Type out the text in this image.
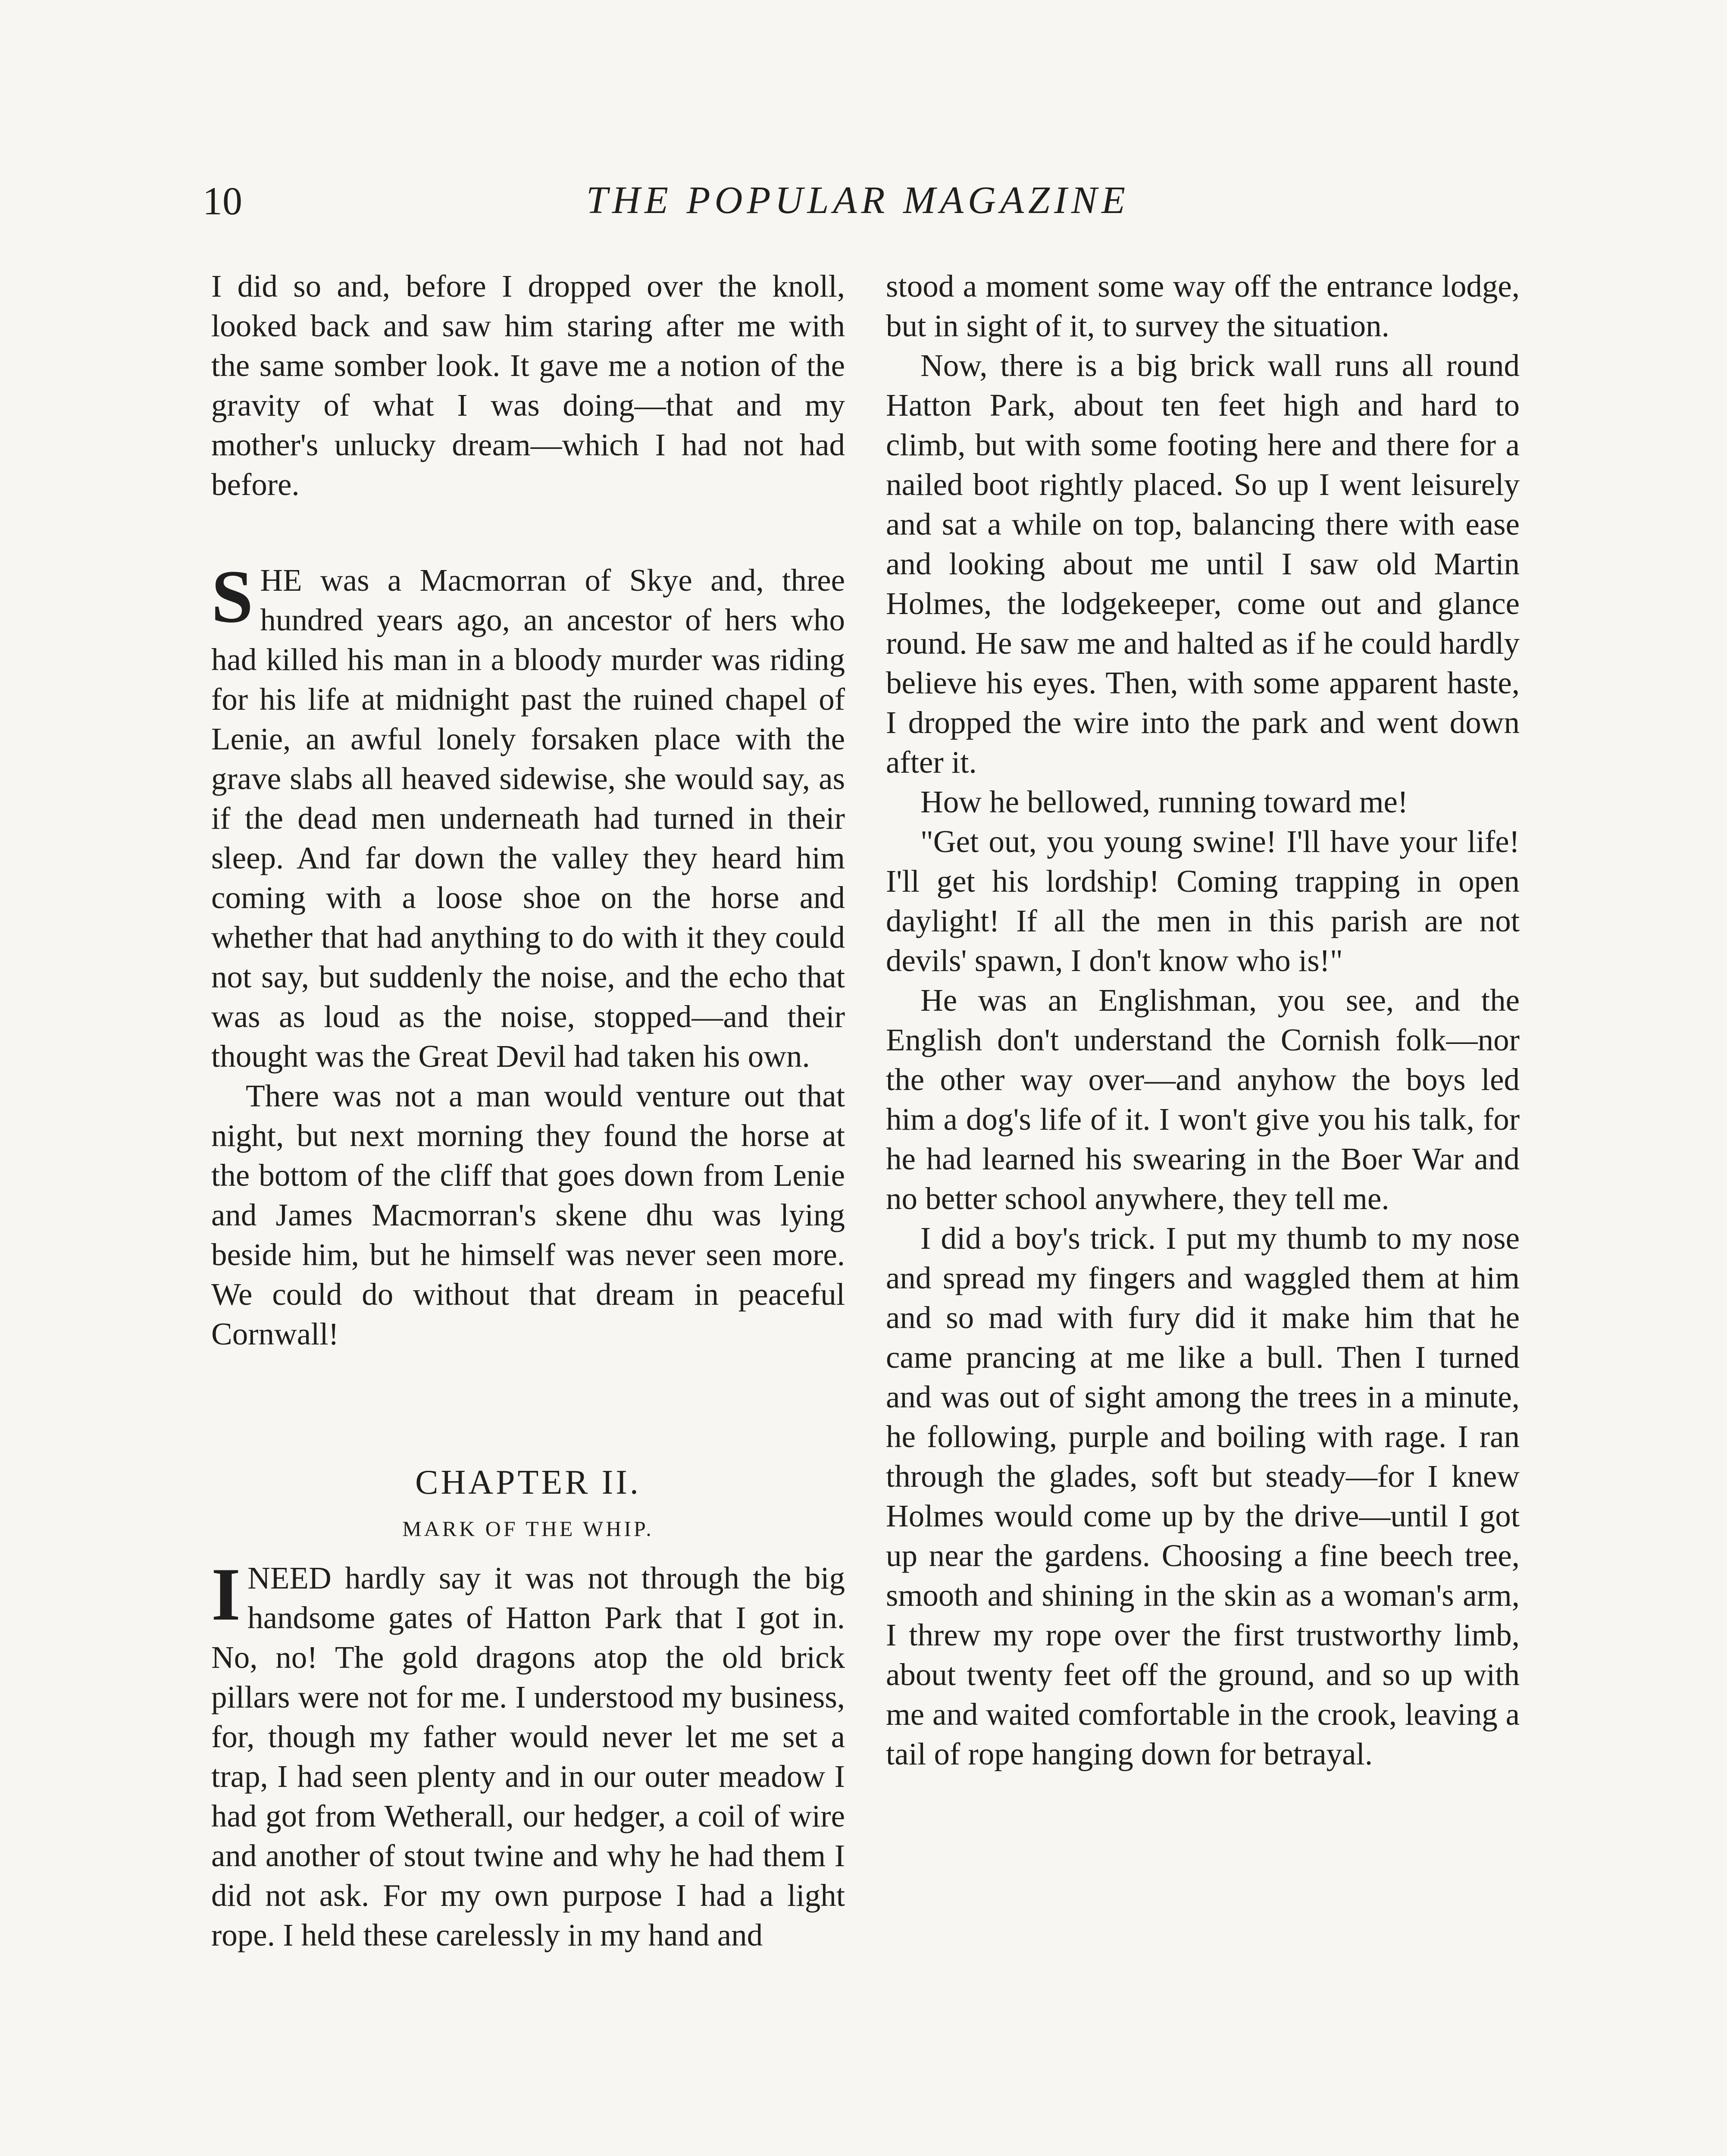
10	THE POPULAR MAGAZINE

I did so and, before I dropped over the knoll, looked back and saw him staring after me with the same somber look. It gave me a notion of the gravity of what I was doing—that and my mother's unlucky dream—which I had not had before.

SHE was a Macmorran of Skye and, three hundred years ago, an ancestor of hers who had killed his man in a bloody murder was riding for his life at midnight past the ruined chapel of Lenie, an awful lonely forsaken place with the grave slabs all heaved sidewise, she would say, as if the dead men underneath had turned in their sleep. And far down the valley they heard him coming with a loose shoe on the horse and whether that had anything to do with it they could not say, but suddenly the noise, and the echo that was as loud as the noise, stopped—and their thought was the Great Devil had taken his own.

There was not a man would venture out that night, but next morning they found the horse at the bottom of the cliff that goes down from Lenie and James Macmorran's skene dhu was lying beside him, but he himself was never seen more. We could do without that dream in peaceful Cornwall!

CHAPTER II.
MARK OF THE WHIP.

INEED hardly say it was not through the big handsome gates of Hatton Park that I got in. No, no! The gold dragons atop the old brick pillars were not for me. I understood my business, for, though my father would never let me set a trap, I had seen plenty and in our outer meadow I had got from Wetherall, our hedger, a coil of wire and another of stout twine and why he had them I did not ask. For my own purpose I had a light rope. I held these carelessly in my hand and

stood a moment some way off the entrance lodge, but in sight of it, to survey the situation.

Now, there is a big brick wall runs all round Hatton Park, about ten feet high and hard to climb, but with some footing here and there for a nailed boot rightly placed. So up I went leisurely and sat a while on top, balancing there with ease and looking about me until I saw old Martin Holmes, the lodgekeeper, come out and glance round. He saw me and halted as if he could hardly believe his eyes. Then, with some apparent haste, I dropped the wire into the park and went down after it.

How he bellowed, running toward me!

"Get out, you young swine! I'll have your life! I'll get his lordship! Coming trapping in open daylight! If all the men in this parish are not devils' spawn, I don't know who is!"

He was an Englishman, you see, and the English don't understand the Cornish folk—nor the other way over—and anyhow the boys led him a dog's life of it. I won't give you his talk, for he had learned his swearing in the Boer War and no better school anywhere, they tell me.

I did a boy's trick. I put my thumb to my nose and spread my fingers and waggled them at him and so mad with fury did it make him that he came prancing at me like a bull. Then I turned and was out of sight among the trees in a minute, he following, purple and boiling with rage. I ran through the glades, soft but steady—for I knew Holmes would come up by the drive—until I got up near the gardens. Choosing a fine beech tree, smooth and shining in the skin as a woman's arm, I threw my rope over the first trustworthy limb, about twenty feet off the ground, and so up with me and waited comfortable in the crook, leaving a tail of rope hanging down for betrayal.
